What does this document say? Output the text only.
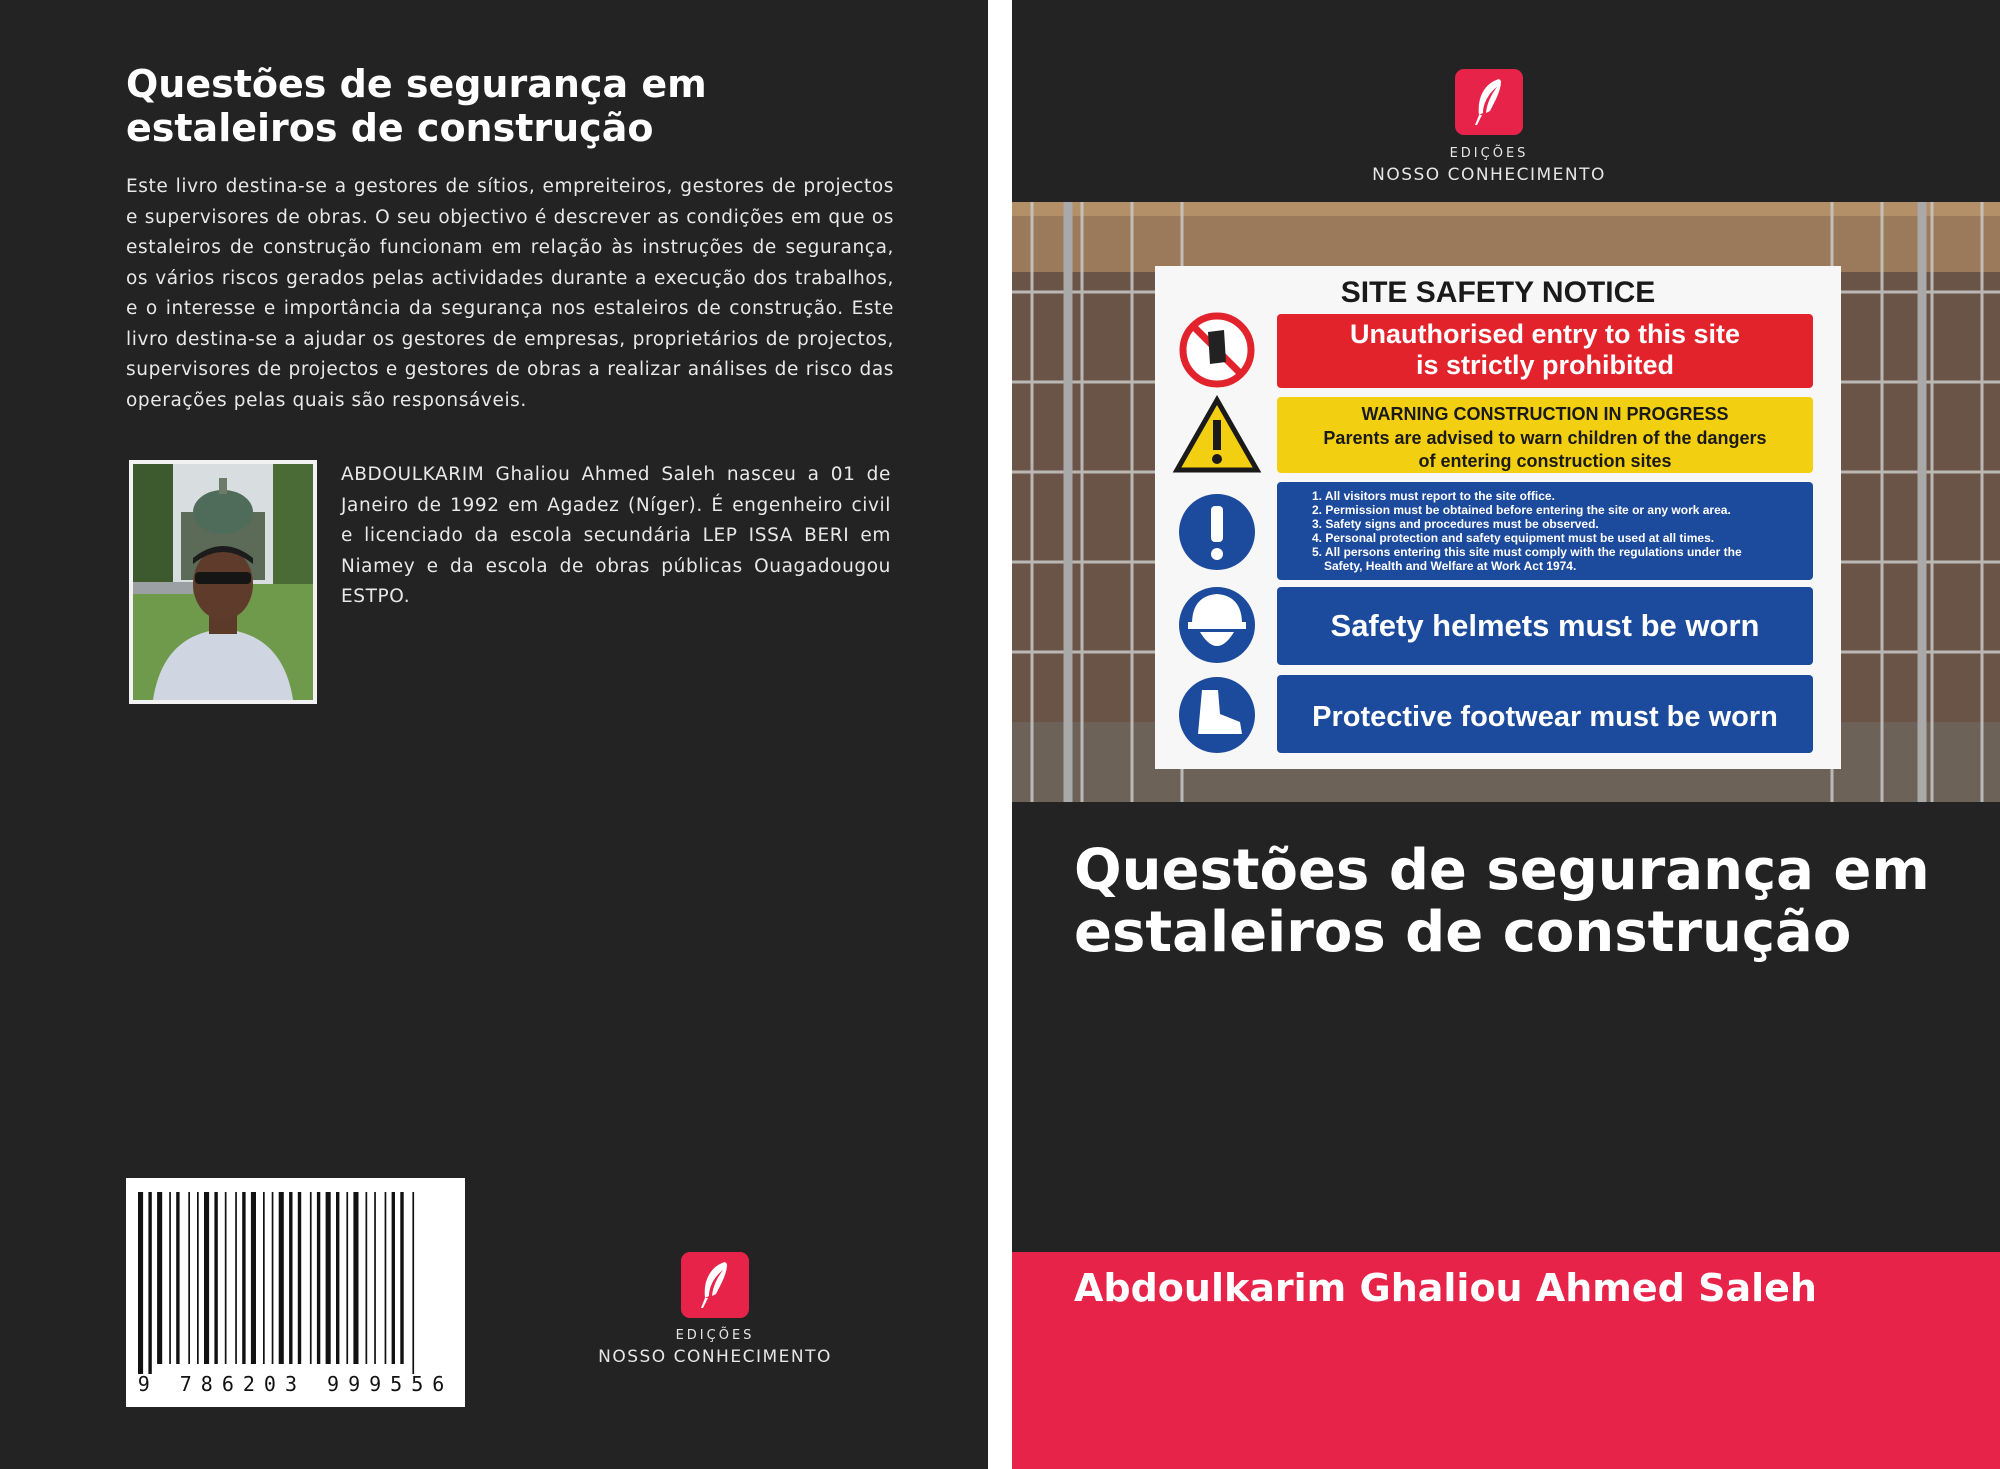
Questões de segurança em estaleiros de construção

Este livro destina-se a gestores de sítios, empreiteiros, gestores de projectos e supervisores de obras. O seu objectivo é descrever as condições em que os estaleiros de construção funcionam em relação às instruções de segurança, os vários riscos gerados pelas actividades durante a execução dos trabalhos, e o interesse e importância da segurança nos estaleiros de construção. Este livro destina-se a ajudar os gestores de empresas, proprietários de projectos, supervisores de projectos e gestores de obras a realizar análises de risco das operações pelas quais são responsáveis.

ABDOULKARIM Ghaliou Ahmed Saleh nasceu a 01 de Janeiro de 1992 em Agadez (Níger). É engenheiro civil e licenciado da escola secundária LEP ISSA BERI em Niamey e da escola de obras públicas Ouagadougou ESTPO.

9 786203 999556
EDIÇÕES
NOSSO CONHECIMENTO
EDIÇÕES
NOSSO CONHECIMENTO
SITE SAFETY NOTICE
Unauthorised entry to this site
is strictly prohibited
WARNING CONSTRUCTION IN PROGRESS
Parents are advised to warn children of the dangers
of entering construction sites
1. All visitors must report to the site office.
2. Permission must be obtained before entering the site or any work area.
3. Safety signs and procedures must be observed.
4. Personal protection and safety equipment must be used at all times.
5. All persons entering this site must comply with the regulations under the
Safety, Health and Welfare at Work Act 1974.
Safety helmets must be worn
Protective footwear must be worn
Questões de segurança em estaleiros de construção

Abdoulkarim Ghaliou Ahmed Saleh
